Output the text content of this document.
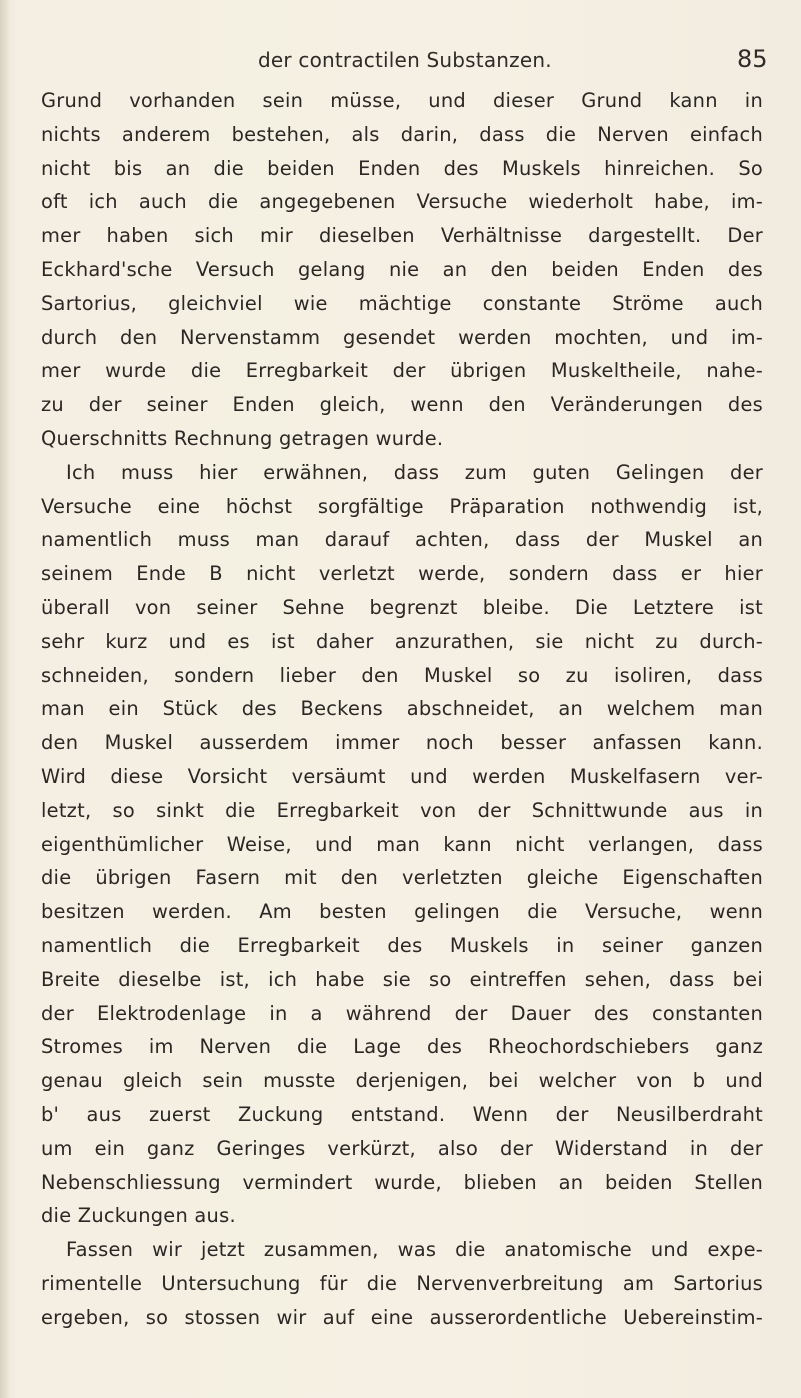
der contractilen Substanzen.	85
Grund vorhanden sein müsse, und dieser Grund kann in
nichts anderem bestehen, als darin, dass die Nerven einfach
nicht bis an die beiden Enden des Muskels hinreichen. So
oft ich auch die angegebenen Versuche wiederholt habe, im-
mer haben sich mir dieselben Verhältnisse dargestellt. Der
Eckhard'sche Versuch gelang nie an den beiden Enden des
Sartorius, gleichviel wie mächtige constante Ströme auch
durch den Nervenstamm gesendet werden mochten, und im-
mer wurde die Erregbarkeit der übrigen Muskeltheile, nahe-
zu der seiner Enden gleich, wenn den Veränderungen des
Querschnitts Rechnung getragen wurde.
Ich muss hier erwähnen, dass zum guten Gelingen der
Versuche eine höchst sorgfältige Präparation nothwendig ist,
namentlich muss man darauf achten, dass der Muskel an
seinem Ende B nicht verletzt werde, sondern dass er hier
überall von seiner Sehne begrenzt bleibe. Die Letztere ist
sehr kurz und es ist daher anzurathen, sie nicht zu durch-
schneiden, sondern lieber den Muskel so zu isoliren, dass
man ein Stück des Beckens abschneidet, an welchem man
den Muskel ausserdem immer noch besser anfassen kann.
Wird diese Vorsicht versäumt und werden Muskelfasern ver-
letzt, so sinkt die Erregbarkeit von der Schnittwunde aus in
eigenthümlicher Weise, und man kann nicht verlangen, dass
die übrigen Fasern mit den verletzten gleiche Eigenschaften
besitzen werden. Am besten gelingen die Versuche, wenn
namentlich die Erregbarkeit des Muskels in seiner ganzen
Breite dieselbe ist, ich habe sie so eintreffen sehen, dass bei
der Elektrodenlage in a während der Dauer des constanten
Stromes im Nerven die Lage des Rheochordschiebers ganz
genau gleich sein musste derjenigen, bei welcher von b und
b' aus zuerst Zuckung entstand. Wenn der Neusilberdraht
um ein ganz Geringes verkürzt, also der Widerstand in der
Nebenschliessung vermindert wurde, blieben an beiden Stellen
die Zuckungen aus.
Fassen wir jetzt zusammen, was die anatomische und expe-
rimentelle Untersuchung für die Nervenverbreitung am Sartorius
ergeben, so stossen wir auf eine ausserordentliche Uebereinstim-
